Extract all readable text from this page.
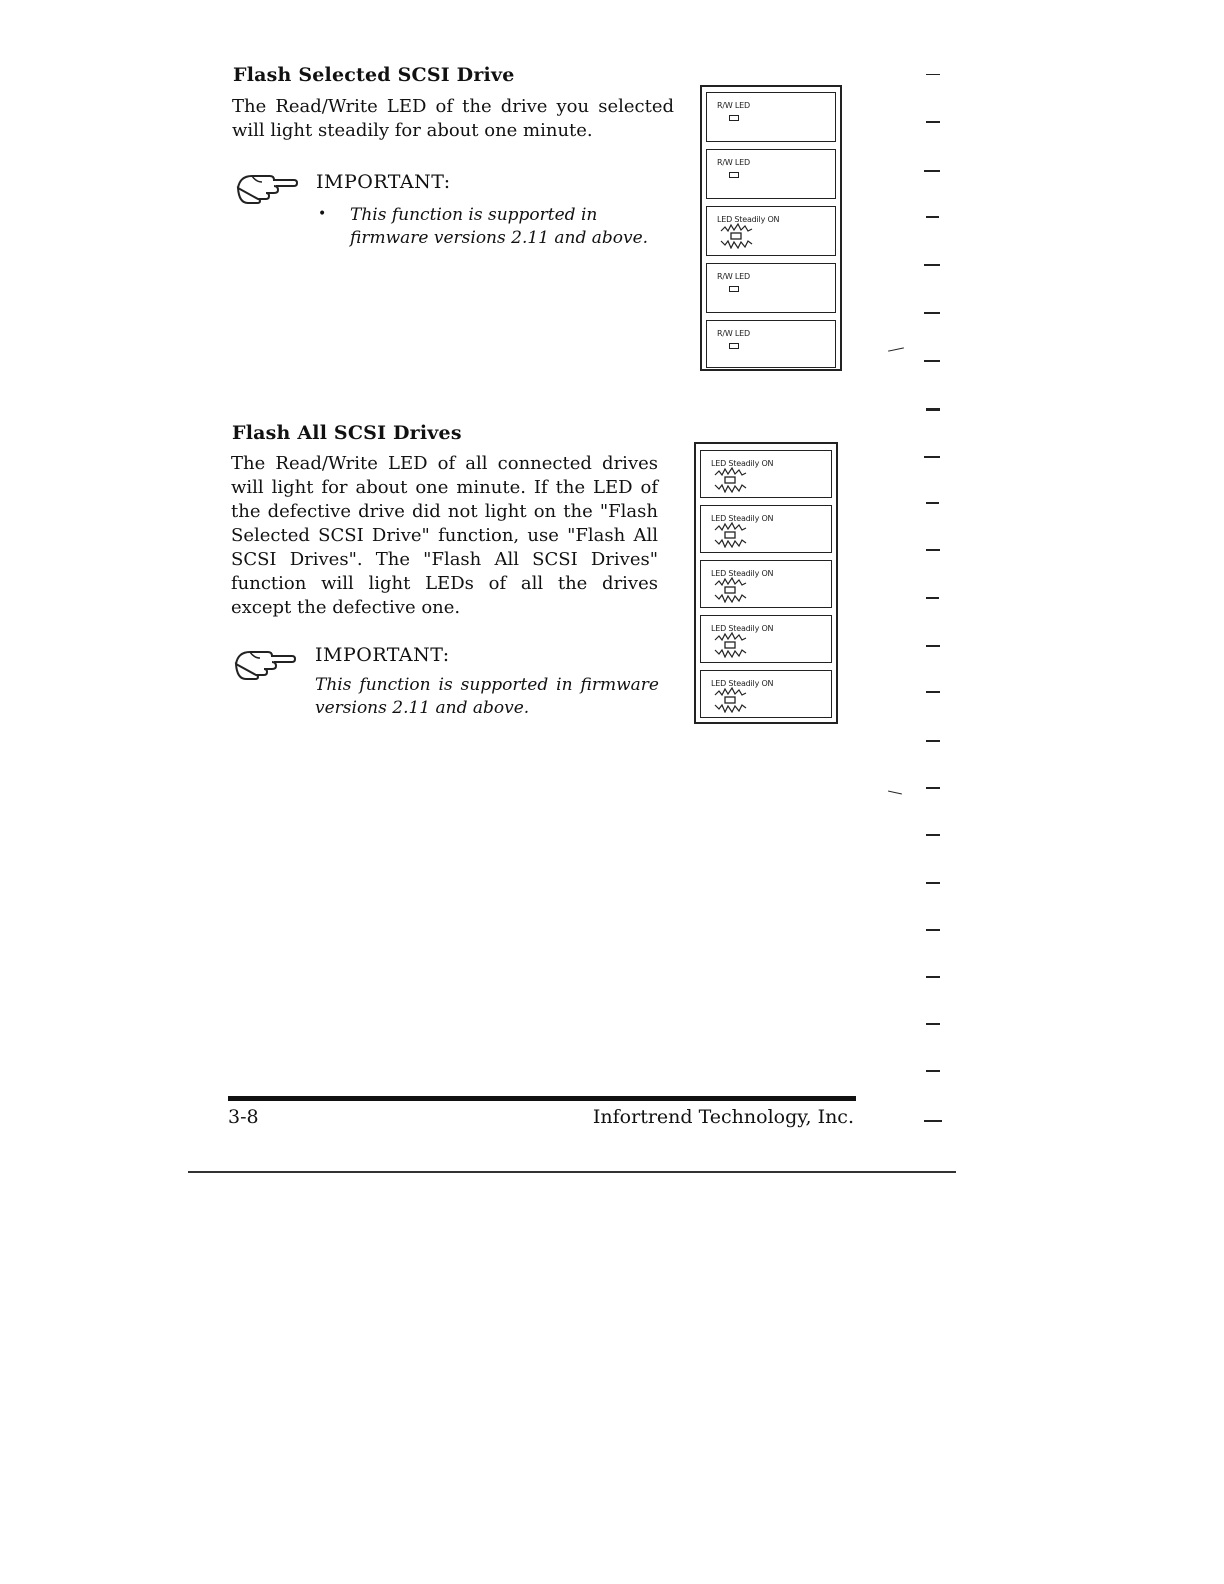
Flash Selected SCSI Drive
The Read/Write LED of the drive you selected will light steadily for about one minute.
IMPORTANT:
• This function is supported in firmware versions 2.11 and above.
R/W LED
R/W LED
LED Steadily ON
R/W LED
R/W LED
Flash All SCSI Drives
The Read/Write LED of all connected drives will light for about one minute. If the LED of the defective drive did not light on the "Flash Selected SCSI Drive" function, use "Flash All SCSI Drives". The "Flash All SCSI Drives" function will light LEDs of all the drives except the defective one.
IMPORTANT:
This function is supported in firmware versions 2.11 and above.
LED Steadily ON
LED Steadily ON
LED Steadily ON
LED Steadily ON
LED Steadily ON
3-8	Infortrend Technology, Inc.
